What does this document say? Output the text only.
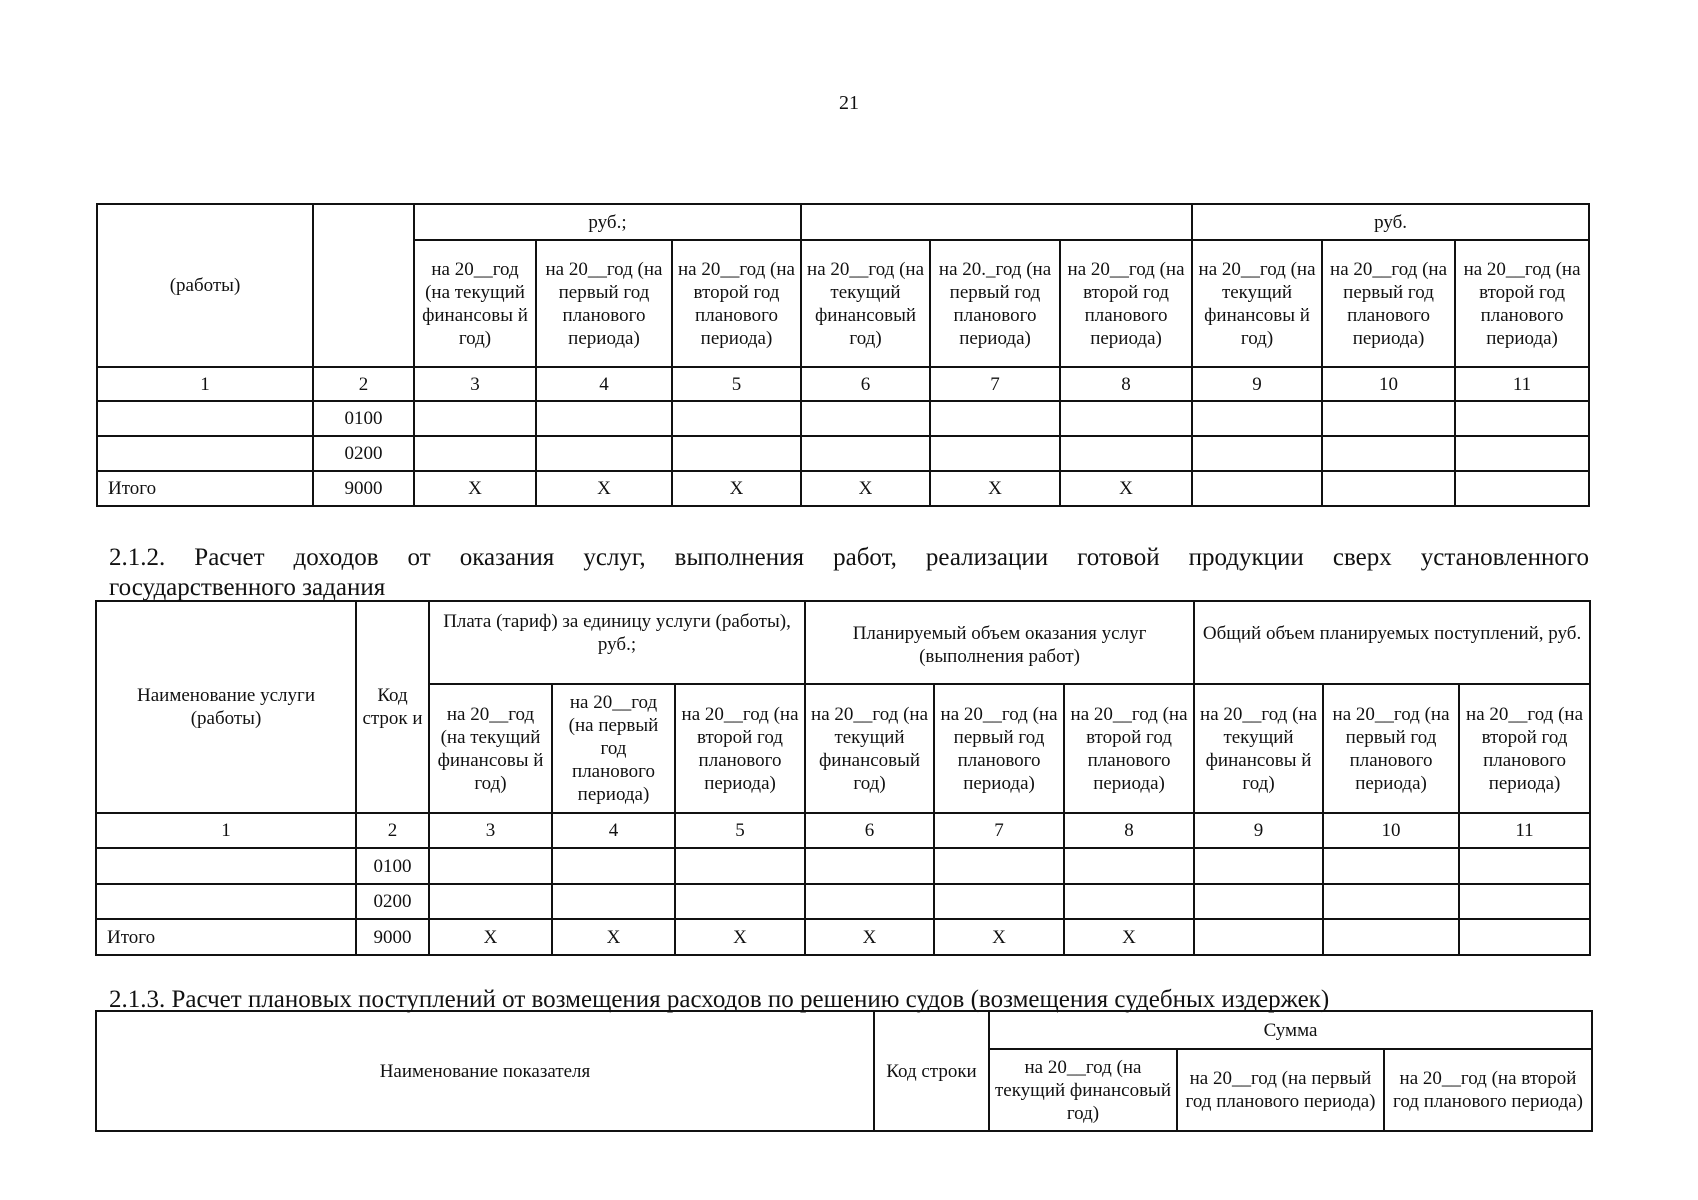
21
(работы)		руб.;						руб.		
		на 20__год (на текущий финансовы й год)	на 20__год (на первый год планового периода)	на 20__год (на второй год планового периода)	на 20__год (на текущий финансовый год)	на 20._год (на первый год планового периода)	на 20__год (на второй год планового периода)	на 20__год (на текущий финансовы й год)	на 20__год (на первый год планового периода)	на 20__год (на второй год планового периода)
1	2	3	4	5	6	7	8	9	10	11
	0100									
	0200									
Итого	9000	X	X	X	X	X	X			
2.1.2. Расчет доходов от оказания услуг, выполнения работ, реализации готовой продукции сверх установленного
государственного задания
Наименование услуги (работы)	Код строк и	Плата (тариф) за единицу услуги (работы), руб.;			Планируемый объем оказания услуг (выполнения работ)			Общий объем планируемых поступлений, руб.		
		на 20__год (на текущий финансовы й год)	на 20__год (на первый год планового периода)	на 20__год (на второй год планового периода)	на 20__год (на текущий финансовый год)	на 20__год (на первый год планового периода)	на 20__год (на второй год планового периода)	на 20__год (на текущий финансовы й год)	на 20__год (на первый год планового периода)	на 20__год (на второй год планового периода)
1	2	3	4	5	6	7	8	9	10	11
	0100									
	0200									
Итого	9000	X	X	X	X	X	X			
2.1.3. Расчет плановых поступлений от возмещения расходов по решению судов (возмещения судебных издержек)
Наименование показателя	Код строки	Сумма		
		на 20__год (на текущий финансовый год)	на 20__год (на первый год планового периода)	на 20__год (на второй год планового периода)
